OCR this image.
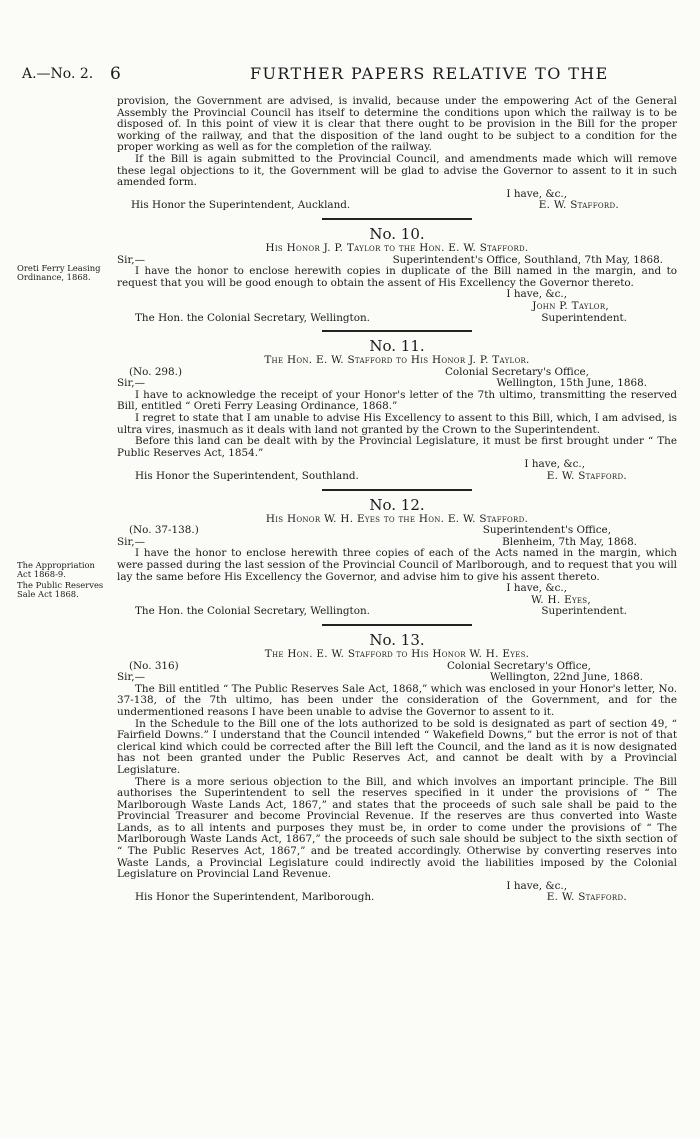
A.—No. 2. 6	FURTHER PAPERS RELATIVE TO THE

provision, the Government are advised, is invalid, because under the empowering Act of the General Assembly the Provincial Council has itself to determine the conditions upon which the railway is to be disposed of. In this point of view it is clear that there ought to be provision in the Bill for the proper working of the railway, and that the disposition of the land ought to be subject to a condition for the proper working as well as for the completion of the railway.

If the Bill is again submitted to the Provincial Council, and amendments made which will remove these legal objections to it, the Government will be glad to advise the Governor to assent to it in such amended form.

I have, &c.,
His Honor the Superintendent, Auckland.	E. W. Stafford.
No. 10.
His Honor J. P. Taylor to the Hon. E. W. Stafford.
Sir,—	Superintendent's Office, Southland, 7th May, 1868.
Oreti Ferry Leasing Ordinance, 1868.

I have the honor to enclose herewith copies in duplicate of the Bill named in the margin, and to request that you will be good enough to obtain the assent of His Excellency the Governor thereto.

I have, &c.,
John P. Taylor,
The Hon. the Colonial Secretary, Wellington.	Superintendent.
No. 11.
The Hon. E. W. Stafford to His Honor J. P. Taylor.
(No. 298.)	Colonial Secretary's Office,
Sir,—	Wellington, 15th June, 1868.

I have to acknowledge the receipt of your Honor's letter of the 7th ultimo, transmitting the reserved Bill, entitled “ Oreti Ferry Leasing Ordinance, 1868.”

I regret to state that I am unable to advise His Excellency to assent to this Bill, which, I am advised, is ultra vires, inasmuch as it deals with land not granted by the Crown to the Superintendent.

Before this land can be dealt with by the Provincial Legislature, it must be first brought under “ The Public Reserves Act, 1854.”

I have, &c.,
His Honor the Superintendent, Southland.	E. W. Stafford.
No. 12.
His Honor W. H. Eyes to the Hon. E. W. Stafford.
(No. 37-138.)	Superintendent's Office,
Sir,—	Blenheim, 7th May, 1868.
The Appropriation Act 1868-9.
The Public Reserves Sale Act 1868.

I have the honor to enclose herewith three copies of each of the Acts named in the margin, which were passed during the last session of the Provincial Council of Marlborough, and to request that you will lay the same before His Excellency the Governor, and advise him to give his assent thereto.

I have, &c.,
W. H. Eyes,
The Hon. the Colonial Secretary, Wellington.	Superintendent.
No. 13.
The Hon. E. W. Stafford to His Honor W. H. Eyes.
(No. 316)	Colonial Secretary's Office,
Sir,—	Wellington, 22nd June, 1868.

The Bill entitled “ The Public Reserves Sale Act, 1868,” which was enclosed in your Honor's letter, No. 37-138, of the 7th ultimo, has been under the consideration of the Government, and for the undermentioned reasons I have been unable to advise the Governor to assent to it.

In the Schedule to the Bill one of the lots authorized to be sold is designated as part of section 49, “ Fairfield Downs.” I understand that the Council intended “ Wakefield Downs,” but the error is not of that clerical kind which could be corrected after the Bill left the Council, and the land as it is now designated has not been granted under the Public Reserves Act, and cannot be dealt with by a Provincial Legislature.

There is a more serious objection to the Bill, and which involves an important principle. The Bill authorises the Superintendent to sell the reserves specified in it under the provisions of “ The Marlborough Waste Lands Act, 1867,” and states that the proceeds of such sale shall be paid to the Provincial Treasurer and become Provincial Revenue. If the reserves are thus converted into Waste Lands, as to all intents and purposes they must be, in order to come under the provisions of “ The Marlborough Waste Lands Act, 1867,” the proceeds of such sale should be subject to the sixth section of “ The Public Reserves Act, 1867,” and be treated accordingly. Otherwise by converting reserves into Waste Lands, a Provincial Legislature could indirectly avoid the liabilities imposed by the Colonial Legislature on Provincial Land Revenue.

I have, &c.,
His Honor the Superintendent, Marlborough.	E. W. Stafford.
